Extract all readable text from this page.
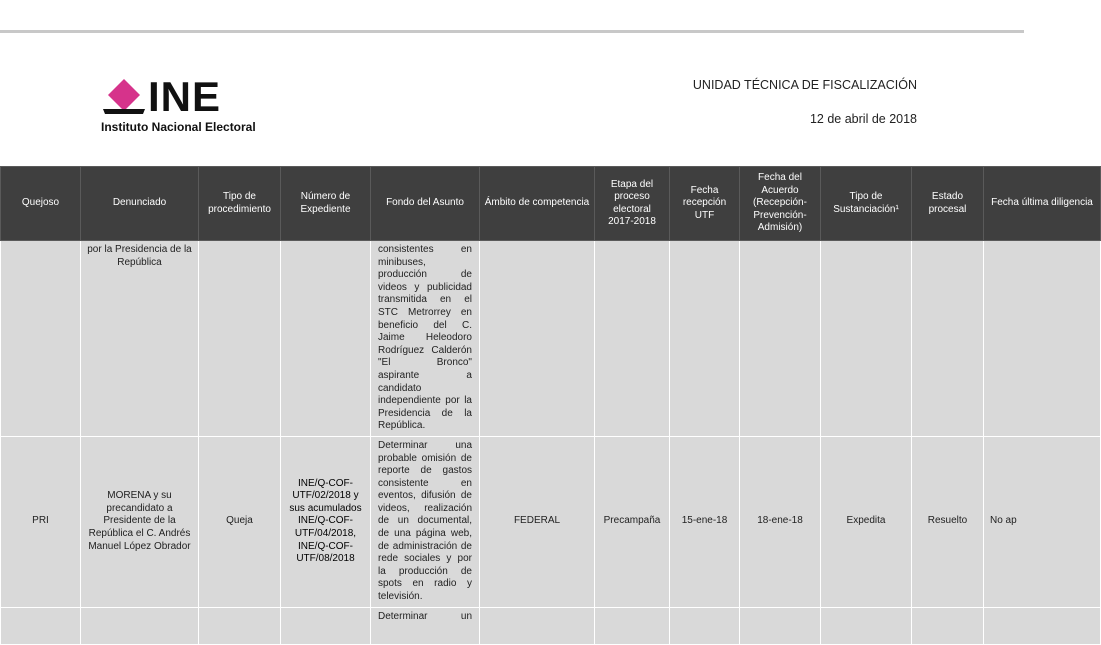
INE
Instituto Nacional Electoral
UNIDAD TÉCNICA DE FISCALIZACIÓN
12 de abril de 2018
Quejoso	Denunciado	Tipo de procedimiento	Número de Expediente	Fondo del Asunto	Ámbito de competencia	Etapa del proceso electoral 2017-2018	Fecha recepción UTF	Fecha del Acuerdo (Recepción-Prevención-Admisión)	Tipo de Sustanciación¹	Estado procesal	Fecha última diligencia
	por la Presidencia de la República			consistentes en minibuses, producción de videos y publicidad transmitida en el STC Metrorrey en beneficio del C. Jaime Heleodoro Rodríguez Calderón "El Bronco" aspirante a candidato independiente por la Presidencia de la República.							
PRI	MORENA y su precandidato a Presidente de la República el C. Andrés Manuel López Obrador	Queja	INE/Q-COF-UTF/02/2018 y sus acumulados INE/Q-COF-UTF/04/2018, INE/Q-COF-UTF/08/2018	Determinar una probable omisión de reporte de gastos consistente en eventos, difusión de videos, realización de un documental, de una página web, de administración de rede sociales y por la producción de spots en radio y televisión.	FEDERAL	Precampaña	15-ene-18	18-ene-18	Expedita	Resuelto	No ap
				Determinar un							
